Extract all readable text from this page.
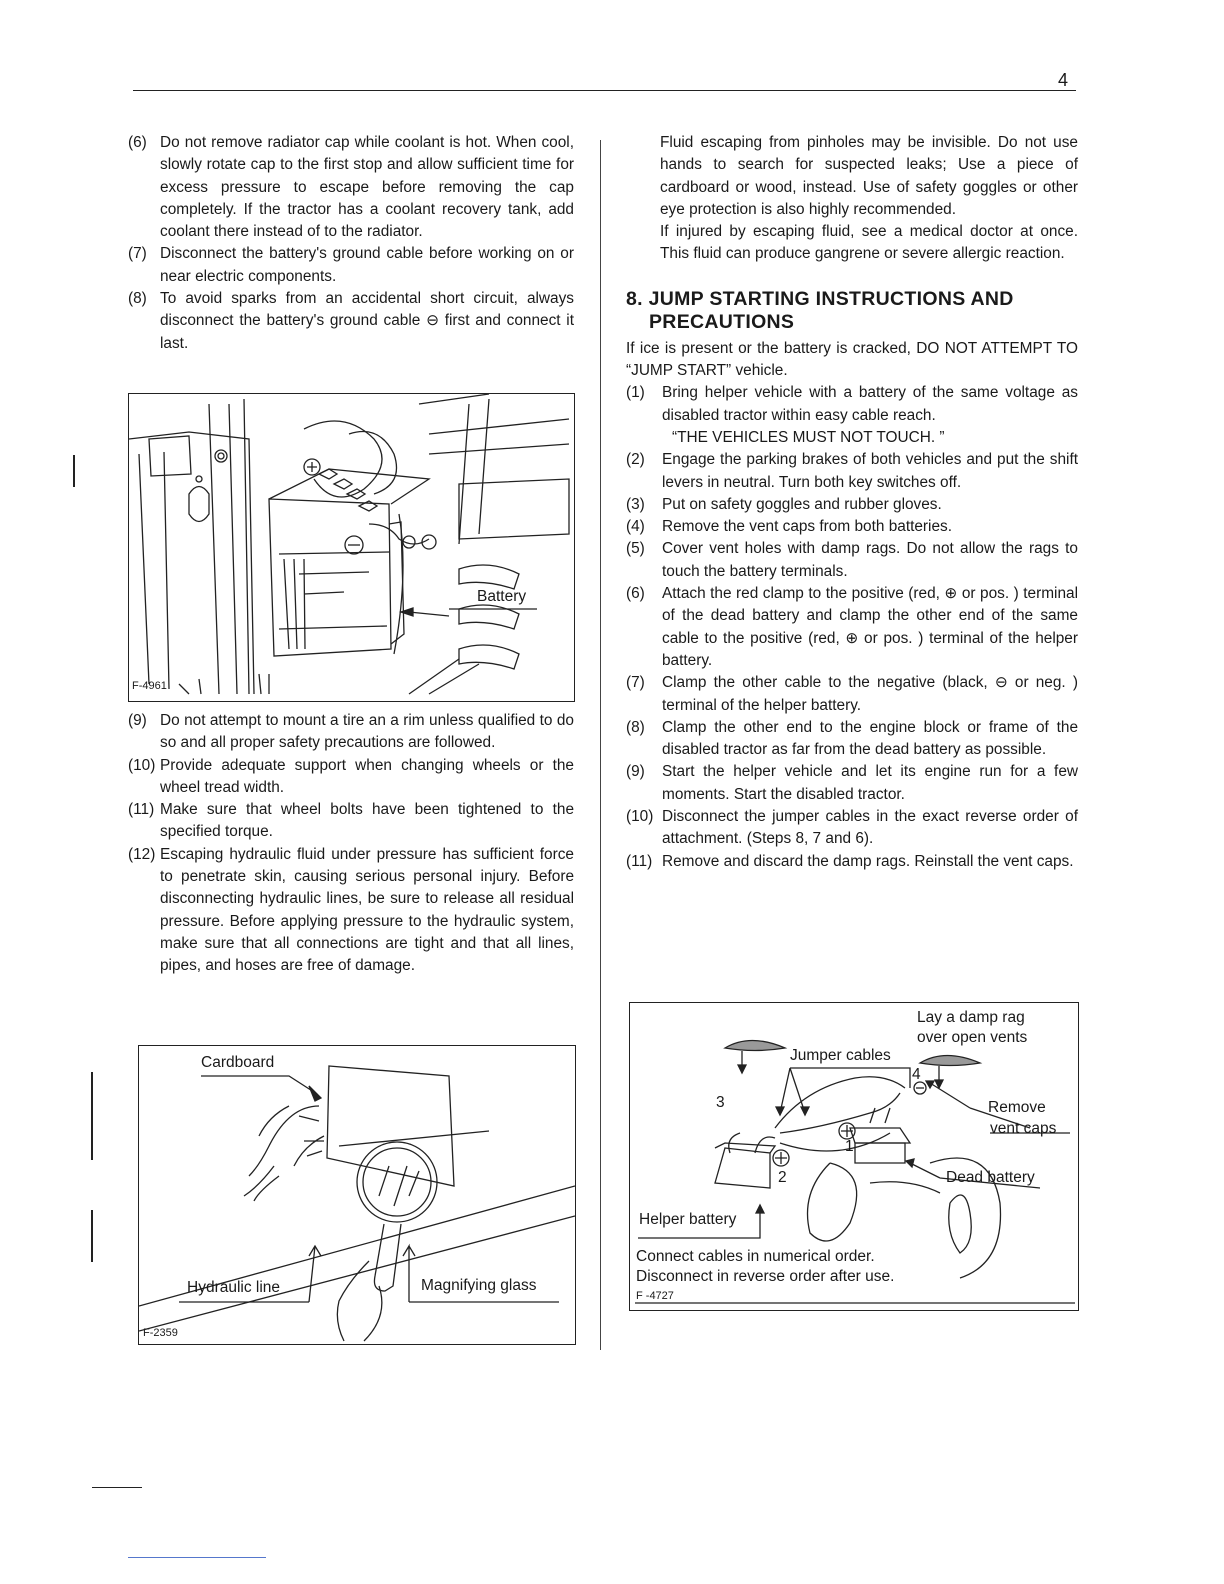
4
(6) Do not remove radiator cap while coolant is hot. When cool, slowly rotate cap to the first stop and allow sufficient time for excess pressure to escape before removing the cap completely. If the tractor has a coolant recovery tank, add coolant there instead of to the radiator.
(7) Disconnect the battery's ground cable before working on or near electric components.
(8) To avoid sparks from an accidental short circuit, always disconnect the battery's ground cable ⊖ first and connect it last.
Battery
F-4961
(9) Do not attempt to mount a tire an a rim unless qualified to do so and all proper safety precautions are followed.
(10) Provide adequate support when changing wheels or the wheel tread width.
(11) Make sure that wheel bolts have been tightened to the specified torque.
(12) Escaping hydraulic fluid under pressure has sufficient force to penetrate skin, causing serious personal injury. Before disconnecting hydraulic lines, be sure to release all residual pressure. Before applying pressure to the hydraulic system, make sure that all connections are tight and that all lines, pipes, and hoses are free of damage.
Cardboard
Hydraulic line	Magnifying glass
F-2359
Fluid escaping from pinholes may be invisible. Do not use hands to search for suspected leaks; Use a piece of cardboard or wood, instead. Use of safety goggles or other eye protection is also highly recommended.
If injured by escaping fluid, see a medical doctor at once. This fluid can produce gangrene or severe allergic reaction.
8. JUMP STARTING INSTRUCTIONS AND
PRECAUTIONS
If ice is present or the battery is cracked, DO NOT ATTEMPT TO “JUMP START” vehicle.
(1) Bring helper vehicle with a battery of the same voltage as disabled tractor within easy cable reach.
“THE VEHICLES MUST NOT TOUCH. ”
(2) Engage the parking brakes of both vehicles and put the shift levers in neutral. Turn both key switches off.
(3) Put on safety goggles and rubber gloves.
(4) Remove the vent caps from both batteries.
(5) Cover vent holes with damp rags. Do not allow the rags to touch the battery terminals.
(6) Attach the red clamp to the positive (red, ⊕ or pos. ) terminal of the dead battery and clamp the other end of the same cable to the positive (red, ⊕ or pos. ) terminal of the helper battery.
(7) Clamp the other cable to the negative (black, ⊖ or neg. ) terminal of the helper battery.
(8) Clamp the other end to the engine block or frame of the disabled tractor as far from the dead battery as possible.
(9) Start the helper vehicle and let its engine run for a few moments. Start the disabled tractor.
(10) Disconnect the jumper cables in the exact reverse order of attachment. (Steps 8, 7 and 6).
(11) Remove and discard the damp rags. Reinstall the vent caps.
Lay a damp rag
over open vents
Jumper cables
Remove
vent caps
Dead battery
Helper battery
1
2
3
4
Connect cables in numerical order.
Disconnect in reverse order after use.
F -4727
